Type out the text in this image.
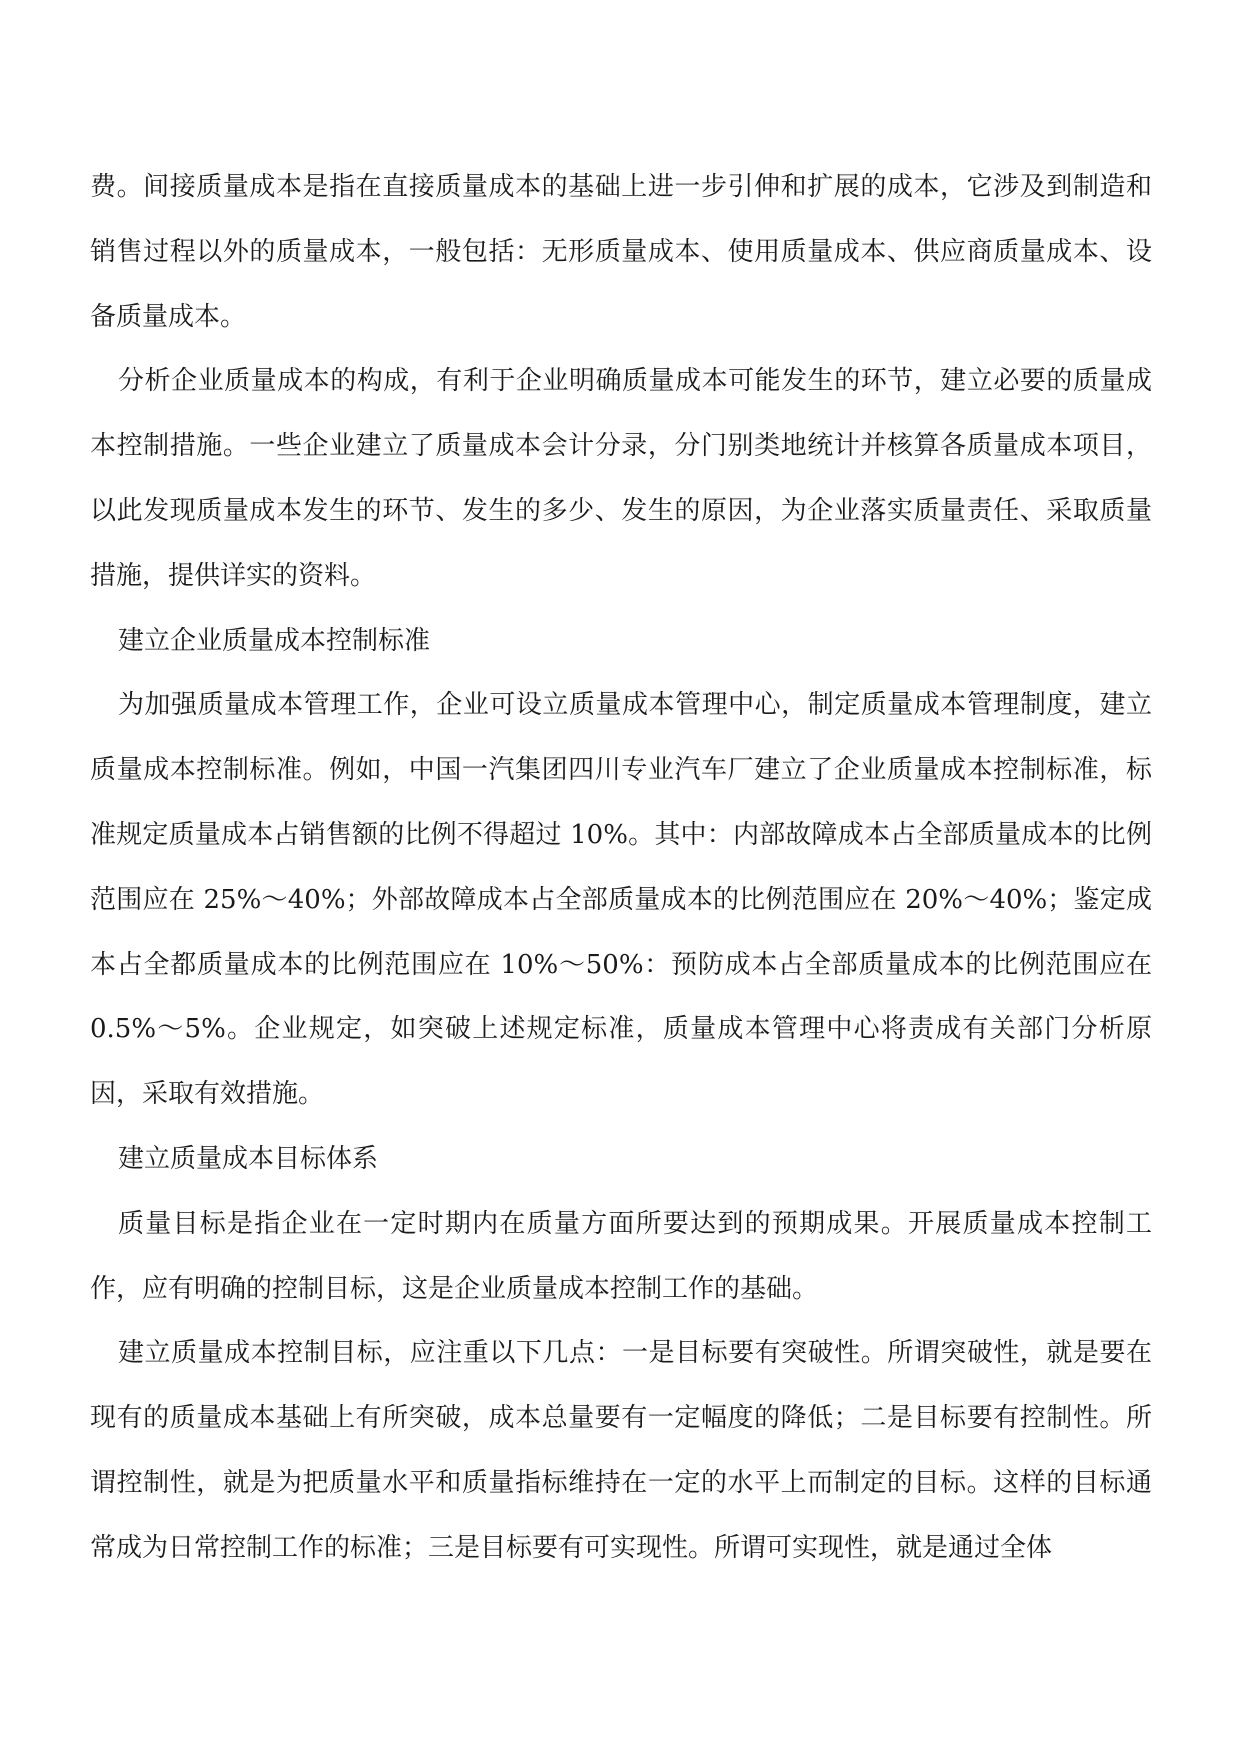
费。间接质量成本是指在直接质量成本的基础上进一步引伸和扩展的成本，它涉及到制造和销售过程以外的质量成本，一般包括：无形质量成本、使用质量成本、供应商质量成本、设备质量成本。

分析企业质量成本的构成，有利于企业明确质量成本可能发生的环节，建立必要的质量成本控制措施。一些企业建立了质量成本会计分录，分门别类地统计并核算各质量成本项目，以此发现质量成本发生的环节、发生的多少、发生的原因，为企业落实质量责任、采取质量措施，提供详实的资料。

建立企业质量成本控制标准

为加强质量成本管理工作，企业可设立质量成本管理中心，制定质量成本管理制度，建立质量成本控制标准。例如，中国一汽集团四川专业汽车厂建立了企业质量成本控制标准，标准规定质量成本占销售额的比例不得超过 10%。其中：内部故障成本占全部质量成本的比例范围应在 25%～40%；外部故障成本占全部质量成本的比例范围应在 20%～40%；鉴定成本占全都质量成本的比例范围应在 10%～50%：预防成本占全部质量成本的比例范围应在 0.5%～5%。企业规定，如突破上述规定标准，质量成本管理中心将责成有关部门分析原因，采取有效措施。

建立质量成本目标体系

质量目标是指企业在一定时期内在质量方面所要达到的预期成果。开展质量成本控制工作，应有明确的控制目标，这是企业质量成本控制工作的基础。

建立质量成本控制目标，应注重以下几点：一是目标要有突破性。所谓突破性，就是要在现有的质量成本基础上有所突破，成本总量要有一定幅度的降低；二是目标要有控制性。所谓控制性，就是为把质量水平和质量指标维持在一定的水平上而制定的目标。这样的目标通常成为日常控制工作的标准；三是目标要有可实现性。所谓可实现性，就是通过全体
